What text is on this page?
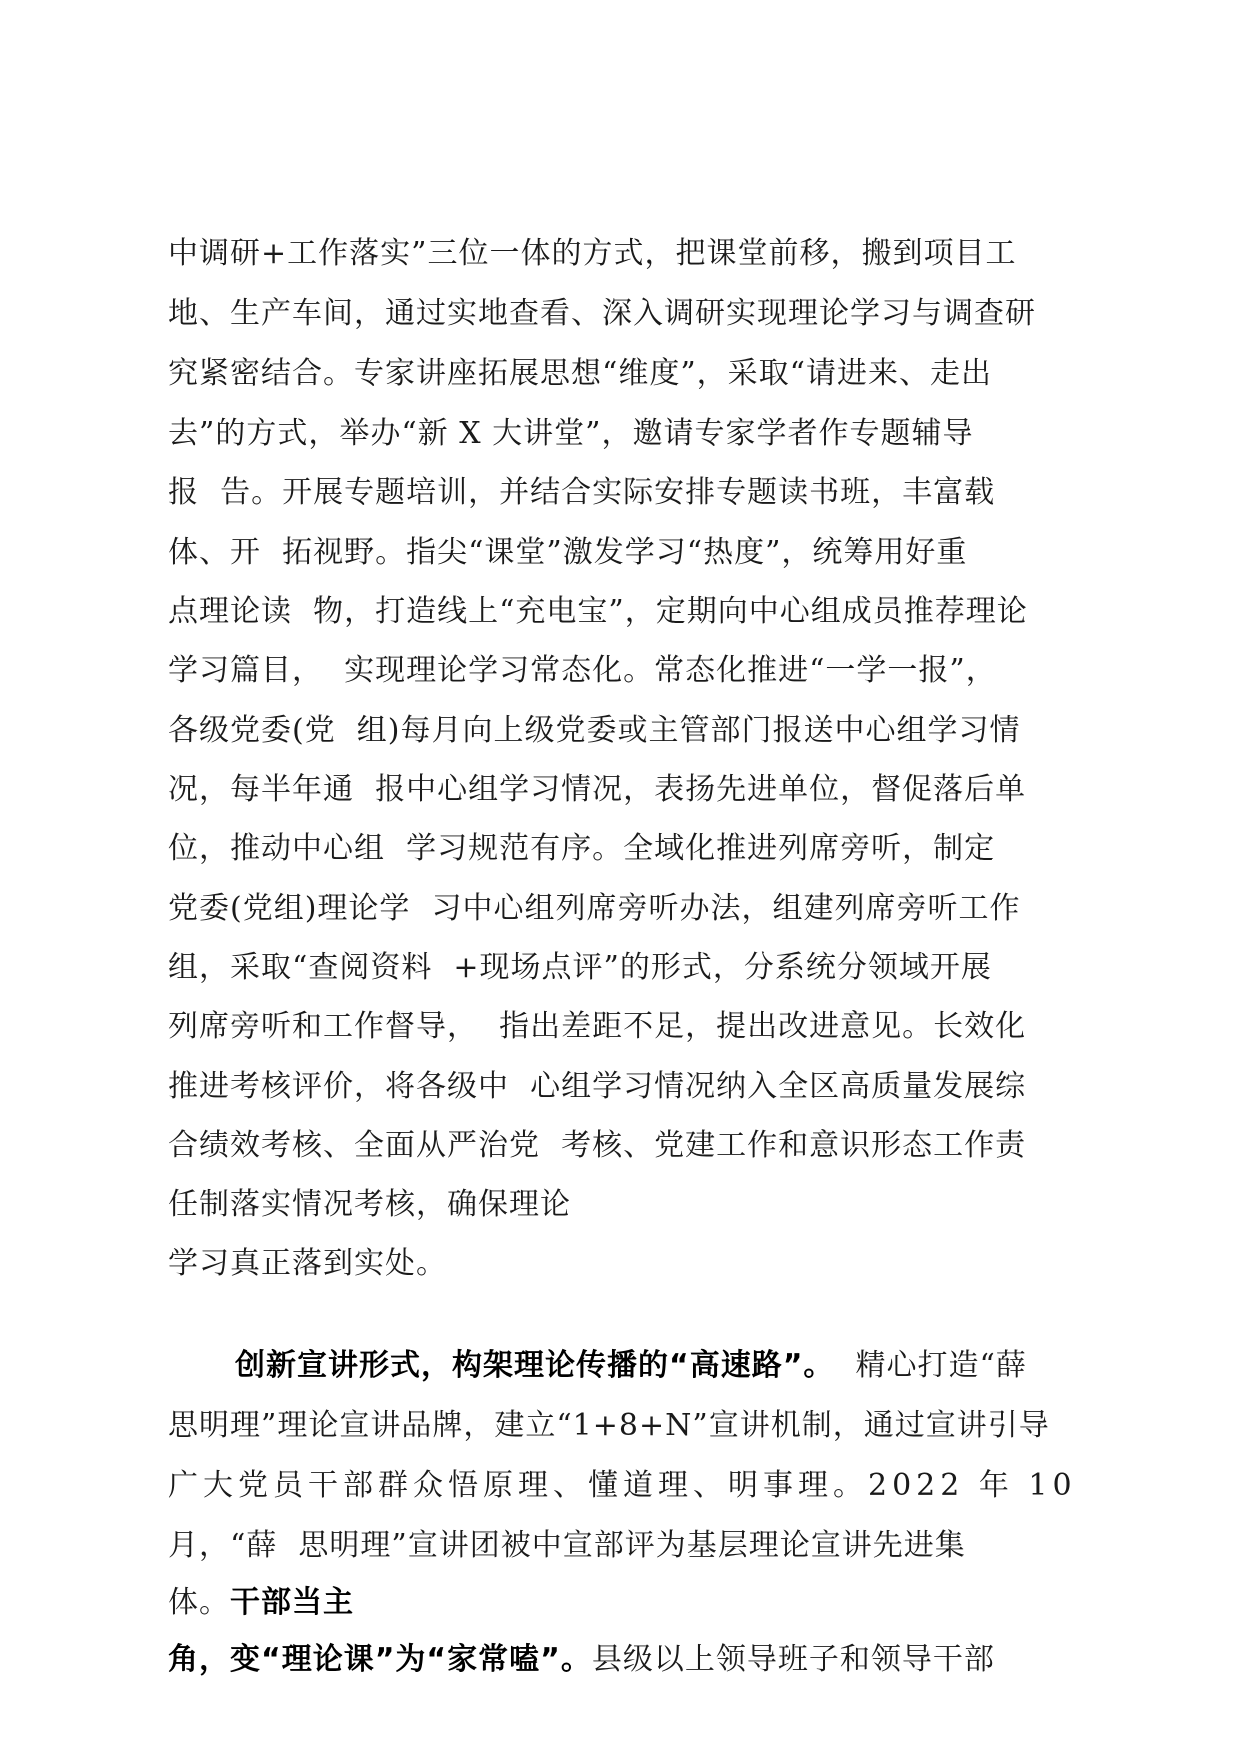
中调研+工作落实”三位一体的方式，把课堂前移，搬到项目工
地、生产车间，通过实地查看、深入调研实现理论学习与调查研
究紧密结合。专家讲座拓展思想“维度”，采取“请进来、走出
去”的方式，举办“新 X 大讲堂”，邀请专家学者作专题辅导
报  告。开展专题培训，并结合实际安排专题读书班，丰富载
体、开  拓视野。指尖“课堂”激发学习“热度”，统筹用好重
点理论读  物，打造线上“充电宝”，定期向中心组成员推荐理论
学习篇目，  实现理论学习常态化。常态化推进“一学一报”，
各级党委(党  组)每月向上级党委或主管部门报送中心组学习情
况，每半年通  报中心组学习情况，表扬先进单位，督促落后单
位，推动中心组  学习规范有序。全域化推进列席旁听，制定
党委(党组)理论学  习中心组列席旁听办法，组建列席旁听工作
组，采取“查阅资料  +现场点评”的形式，分系统分领域开展
列席旁听和工作督导，  指出差距不足，提出改进意见。长效化
推进考核评价，将各级中  心组学习情况纳入全区高质量发展综
合绩效考核、全面从严治党  考核、党建工作和意识形态工作责
任制落实情况考核，确保理论
学习真正落到实处。
创新宣讲形式，构架理论传播的“高速路”。  精心打造“薛
思明理”理论宣讲品牌，建立“1+8+N”宣讲机制，通过宣讲引导
广大党员干部群众悟原理、懂道理、明事理。2022 年 10
月，“薛  思明理”宣讲团被中宣部评为基层理论宣讲先进集
体。干部当主
角，变“理论课”为“家常嗑”。县级以上领导班子和领导干部
